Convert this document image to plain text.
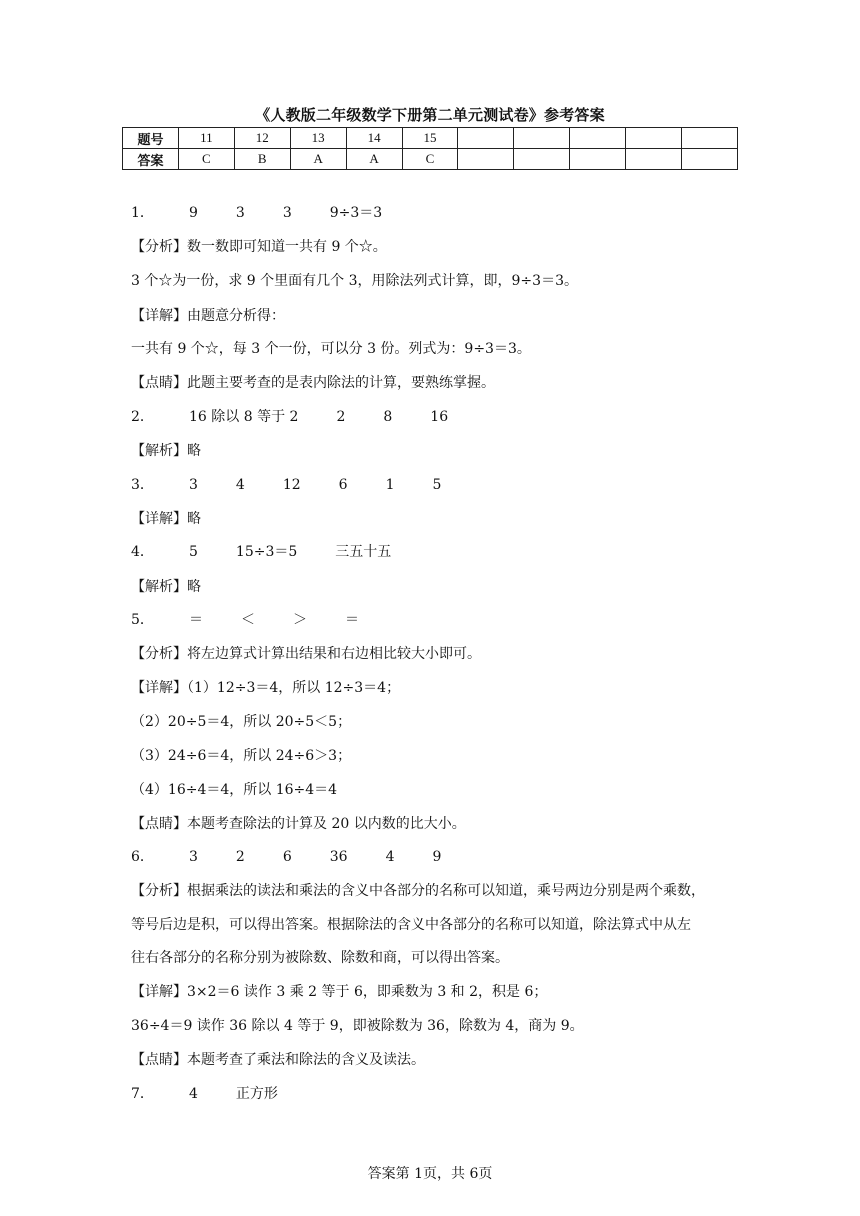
《人教版二年级数学下册第二单元测试卷》参考答案
题号	11	12	13	14	15					
答案	C	B	A	A	C					
1．	9	3	3	9÷3＝3
【分析】数一数即可知道一共有 9 个☆。
3 个☆为一份，求 9 个里面有几个 3，用除法列式计算，即，9÷3＝3。
【详解】由题意分析得：
一共有 9 个☆，每 3 个一份，可以分 3 份。列式为：9÷3＝3。
【点睛】此题主要考查的是表内除法的计算，要熟练掌握。
2．	16 除以 8 等于 2	2	8	16
【解析】略
3．	3	4	12	6	1	5
【详解】略
4．	5	15÷3＝5	三五十五
【解析】略
5．	＝	＜	＞	＝
【分析】将左边算式计算出结果和右边相比较大小即可。
【详解】（1）12÷3＝4，所以 12÷3＝4；
（2）20÷5＝4，所以 20÷5＜5；
（3）24÷6＝4，所以 24÷6＞3；
（4）16÷4＝4，所以 16÷4＝4
【点睛】本题考查除法的计算及 20 以内数的比大小。
6．	3	2	6	36	4	9
【分析】根据乘法的读法和乘法的含义中各部分的名称可以知道，乘号两边分别是两个乘数，
等号后边是积，可以得出答案。根据除法的含义中各部分的名称可以知道，除法算式中从左
往右各部分的名称分别为被除数、除数和商，可以得出答案。
【详解】3×2＝6 读作 3 乘 2 等于 6，即乘数为 3 和 2，积是 6；
36÷4＝9 读作 36 除以 4 等于 9，即被除数为 36，除数为 4，商为 9。
【点睛】本题考查了乘法和除法的含义及读法。
7．	4	正方形
答案第 1页，共 6页
